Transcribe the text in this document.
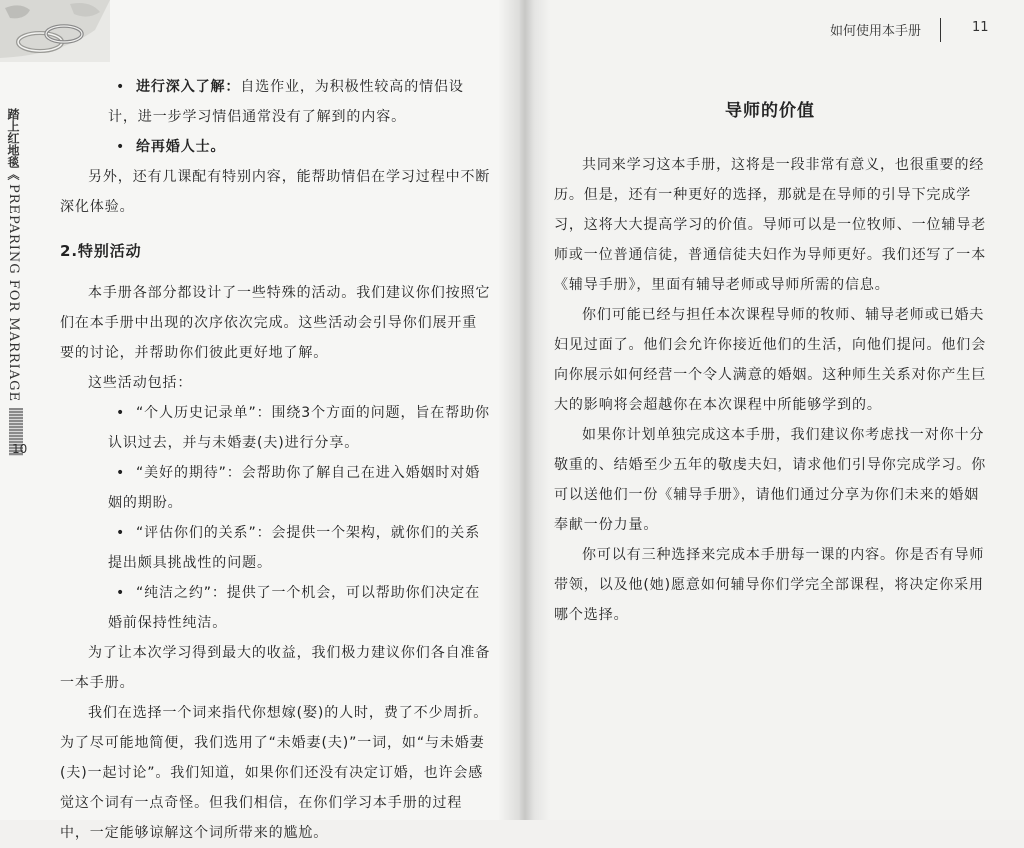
踏上红地毯
《
PREPARING FOR MARRIAGE
10

• 进行深入了解：自选作业，为积极性较高的情侣设计，进一步学习情侣通常没有了解到的内容。

• 给再婚人士。

另外，还有几课配有特别内容，能帮助情侣在学习过程中不断深化体验。

2.特别活动

本手册各部分都设计了一些特殊的活动。我们建议你们按照它们在本手册中出现的次序依次完成。这些活动会引导你们展开重要的讨论，并帮助你们彼此更好地了解。

这些活动包括：

• “个人历史记录单”：围绕3个方面的问题，旨在帮助你认识过去，并与未婚妻(夫)进行分享。

• “美好的期待”：会帮助你了解自己在进入婚姻时对婚姻的期盼。

• “评估你们的关系”：会提供一个架构，就你们的关系提出颇具挑战性的问题。

• “纯洁之约”：提供了一个机会，可以帮助你们决定在婚前保持性纯洁。

为了让本次学习得到最大的收益，我们极力建议你们各自准备一本手册。

我们在选择一个词来指代你想嫁(娶)的人时，费了不少周折。为了尽可能地简便，我们选用了“未婚妻(夫)”一词，如“与未婚妻(夫)一起讨论”。我们知道，如果你们还没有决定订婚，也许会感觉这个词有一点奇怪。但我们相信，在你们学习本手册的过程中，一定能够谅解这个词所带来的尴尬。

如何使用本手册	11
导师的价值

共同来学习这本手册，这将是一段非常有意义，也很重要的经历。但是，还有一种更好的选择，那就是在导师的引导下完成学习，这将大大提高学习的价值。导师可以是一位牧师、一位辅导老师或一位普通信徒，普通信徒夫妇作为导师更好。我们还写了一本《辅导手册》，里面有辅导老师或导师所需的信息。

你们可能已经与担任本次课程导师的牧师、辅导老师或已婚夫妇见过面了。他们会允许你接近他们的生活，向他们提问。他们会向你展示如何经营一个令人满意的婚姻。这种师生关系对你产生巨大的影响将会超越你在本次课程中所能够学到的。

如果你计划单独完成这本手册，我们建议你考虑找一对你十分敬重的、结婚至少五年的敬虔夫妇，请求他们引导你完成学习。你可以送他们一份《辅导手册》，请他们通过分享为你们未来的婚姻奉献一份力量。

你可以有三种选择来完成本手册每一课的内容。你是否有导师带领，以及他(她)愿意如何辅导你们学完全部课程，将决定你采用哪个选择。
